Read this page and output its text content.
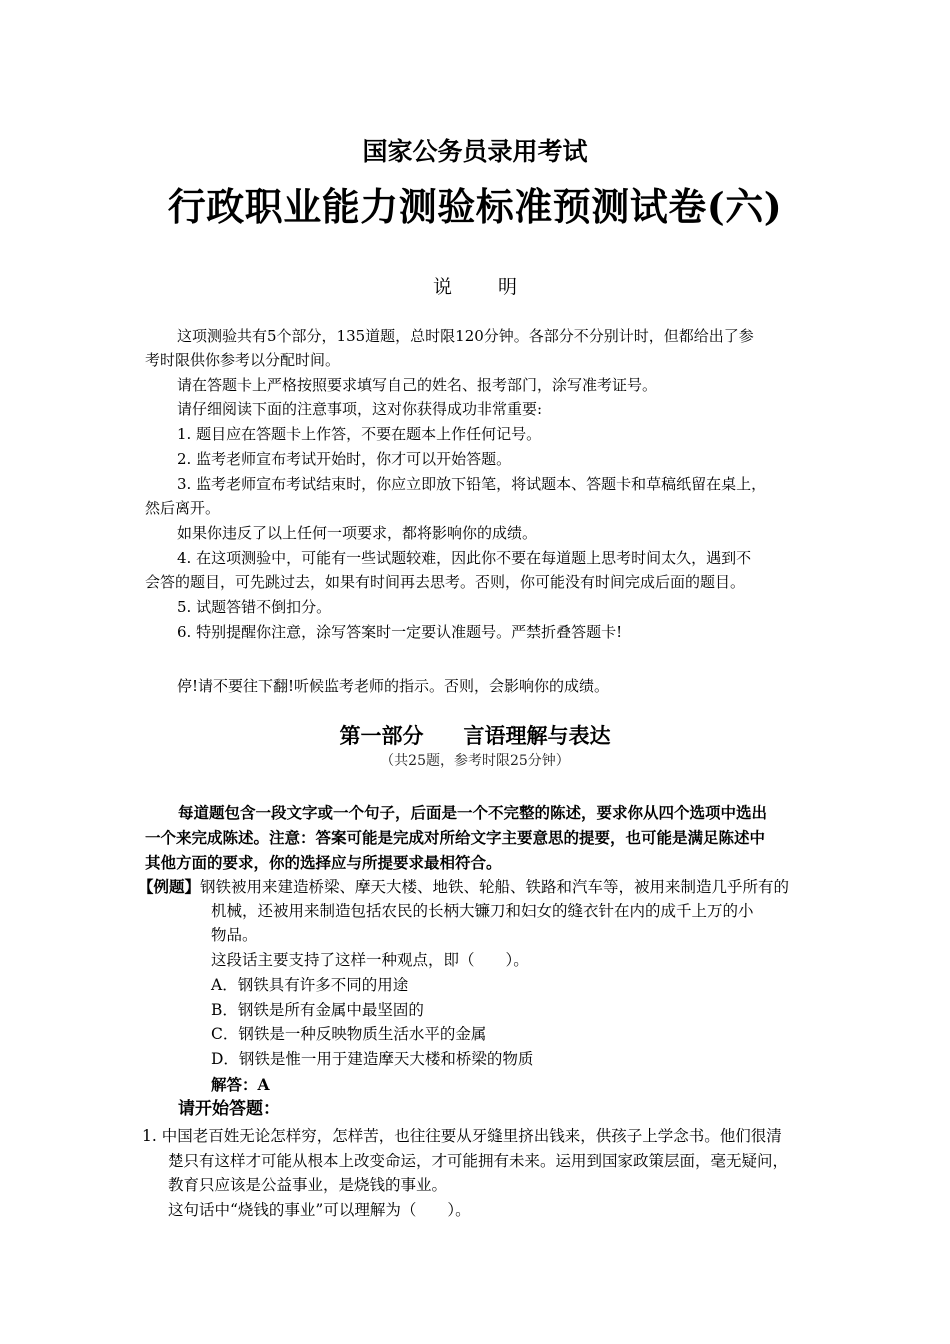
国家公务员录用考试
行政职业能力测验标准预测试卷(六)
说 明
这项测验共有5个部分，135道题，总时限120分钟。各部分不分别计时，但都给出了参
考时限供你参考以分配时间。
请在答题卡上严格按照要求填写自己的姓名、报考部门，涂写准考证号。
请仔细阅读下面的注意事项，这对你获得成功非常重要:
1. 题目应在答题卡上作答，不要在题本上作任何记号。
2. 监考老师宣布考试开始时，你才可以开始答题。
3. 监考老师宣布考试结束时，你应立即放下铅笔，将试题本、答题卡和草稿纸留在桌上，
然后离开。
如果你违反了以上任何一项要求，都将影响你的成绩。
4. 在这项测验中，可能有一些试题较难，因此你不要在每道题上思考时间太久，遇到不
会答的题目，可先跳过去，如果有时间再去思考。否则，你可能没有时间完成后面的题目。
5. 试题答错不倒扣分。
6. 特别提醒你注意，涂写答案时一定要认准题号。严禁折叠答题卡!
停!请不要往下翻!听候监考老师的指示。否则，会影响你的成绩。
第一部分 言语理解与表达
（共25题，参考时限25分钟）
每道题包含一段文字或一个句子，后面是一个不完整的陈述，要求你从四个选项中选出
一个来完成陈述。注意：答案可能是完成对所给文字主要意思的提要，也可能是满足陈述中
其他方面的要求，你的选择应与所提要求最相符合。
【例题】钢铁被用来建造桥梁、摩天大楼、地铁、轮船、铁路和汽车等，被用来制造几乎所有的
机械，还被用来制造包括农民的长柄大镰刀和妇女的缝衣针在内的成千上万的小
物品。
这段话主要支持了这样一种观点，即（　　）。
A．钢铁具有许多不同的用途
B．钢铁是所有金属中最坚固的
C．钢铁是一种反映物质生活水平的金属
D．钢铁是惟一用于建造摩天大楼和桥梁的物质
解答：A
请开始答题：
1. 中国老百姓无论怎样穷，怎样苦，也往往要从牙缝里挤出钱来，供孩子上学念书。他们很清
楚只有这样才可能从根本上改变命运，才可能拥有未来。运用到国家政策层面，毫无疑问，
教育只应该是公益事业，是烧钱的事业。
这句话中“烧钱的事业”可以理解为（　　）。
